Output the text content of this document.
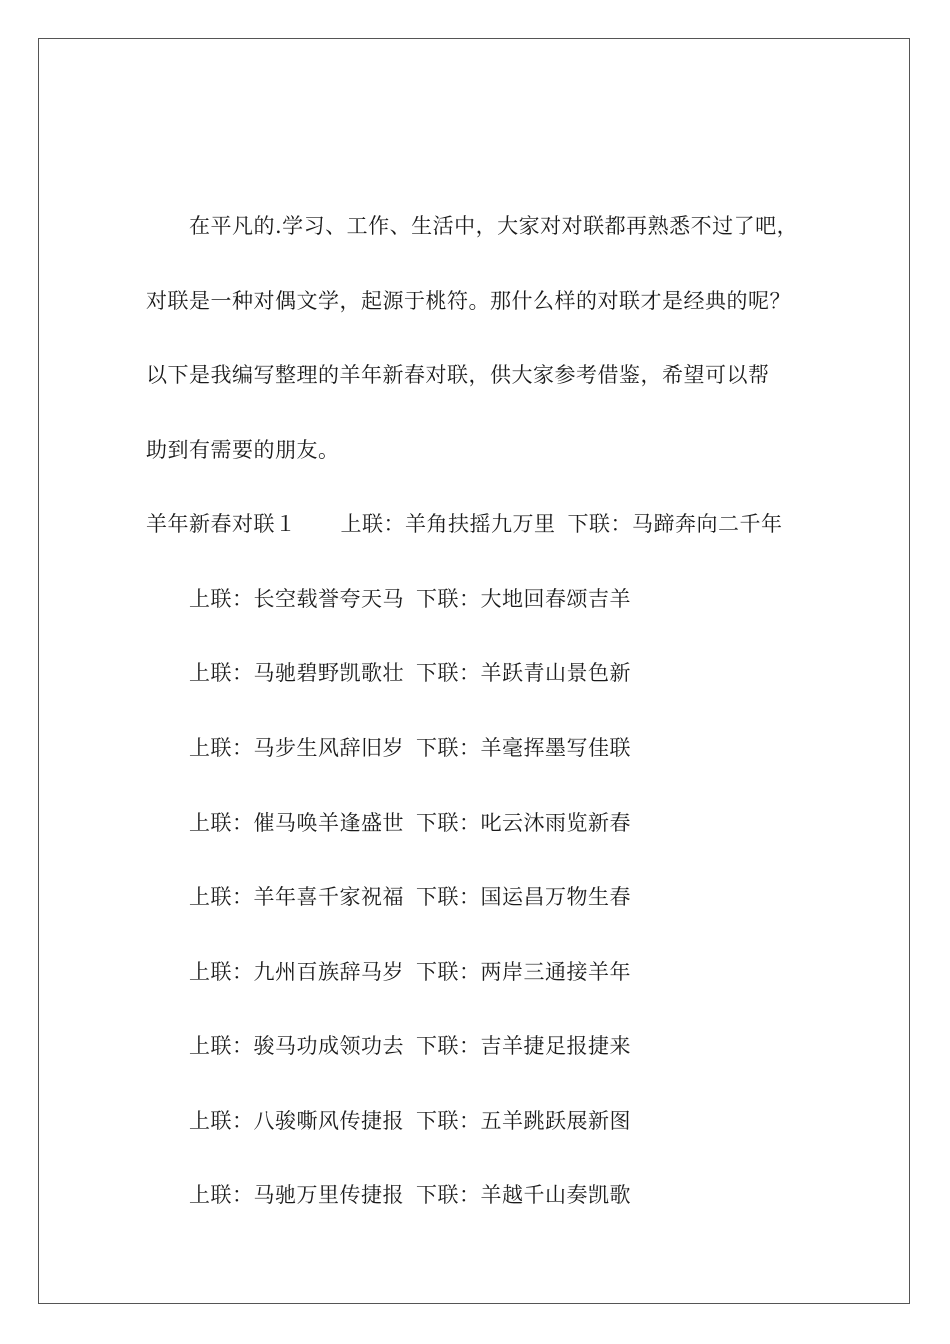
在平凡的.学习、工作、生活中，大家对对联都再熟悉不过了吧，
对联是一种对偶文学，起源于桃符。那什么样的对联才是经典的呢？
以下是我编写整理的羊年新春对联，供大家参考借鉴，希望可以帮
助到有需要的朋友。
羊年新春对联１ 上联：羊角扶摇九万里 下联：马蹄奔向二千年
上联：长空载誉夸天马 下联：大地回春颂吉羊
上联：马驰碧野凯歌壮 下联：羊跃青山景色新
上联：马步生风辞旧岁 下联：羊毫挥墨写佳联
上联：催马唤羊逢盛世 下联：叱云沐雨览新春
上联：羊年喜千家祝福 下联：国运昌万物生春
上联：九州百族辞马岁 下联：两岸三通接羊年
上联：骏马功成领功去 下联：吉羊捷足报捷来
上联：八骏嘶风传捷报 下联：五羊跳跃展新图
上联：马驰万里传捷报 下联：羊越千山奏凯歌
